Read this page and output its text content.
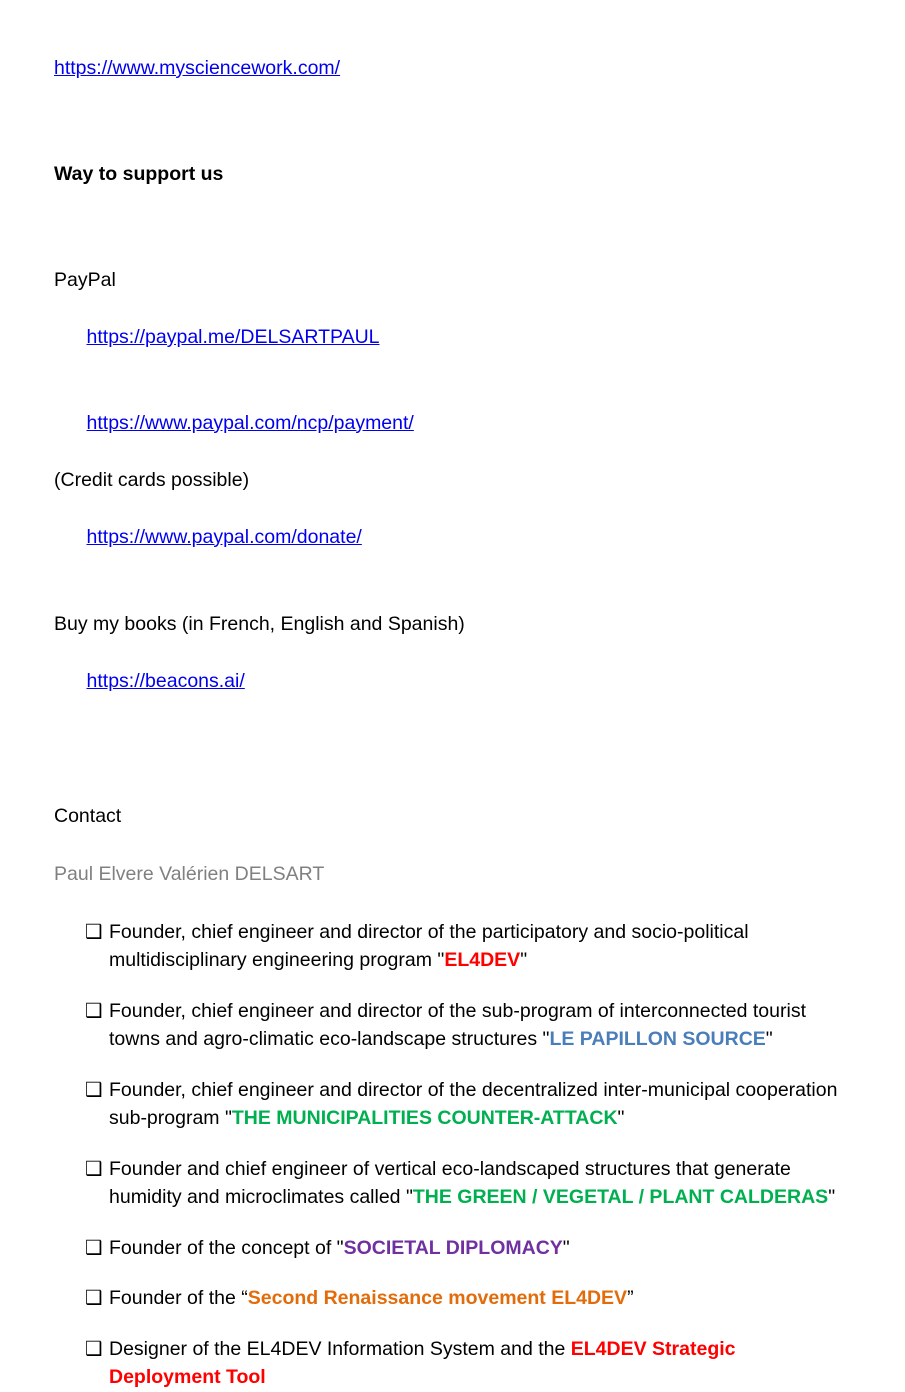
https://www.mysciencework.com/
Way to support us
PayPal

https://paypal.me/DELSARTPAUL

https://www.paypal.com/ncp/payment/

(Credit cards possible)

https://www.paypal.com/donate/

Buy my books (in French, English and Spanish)

https://beacons.ai/

Contact
Paul Elvere Valérien DELSART
❑ Founder, chief engineer and director of the participatory and socio-political multidisciplinary engineering program "EL4DEV"
❑ Founder, chief engineer and director of the sub-program of interconnected tourist towns and agro-climatic eco-landscape structures "LE PAPILLON SOURCE"
❑ Founder, chief engineer and director of the decentralized inter-municipal cooperation sub-program "THE MUNICIPALITIES COUNTER-ATTACK"
❑ Founder and chief engineer of vertical eco-landscaped structures that generate humidity and microclimates called "THE GREEN / VEGETAL / PLANT CALDERAS"
❑ Founder of the concept of "SOCIETAL DIPLOMACY"
❑ Founder of the “Second Renaissance movement EL4DEV”
❑ Designer of the EL4DEV Information System and the EL4DEV Strategic Deployment Tool
